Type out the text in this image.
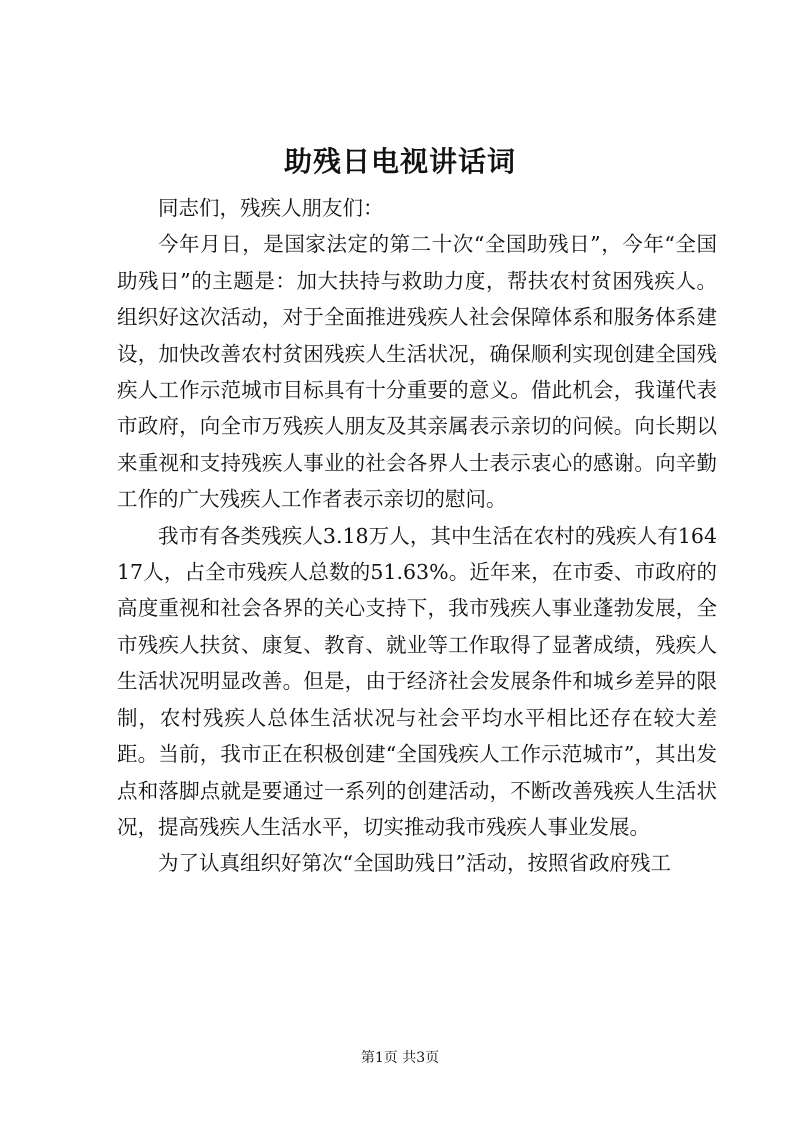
助残日电视讲话词

同志们，残疾人朋友们：

今年月日，是国家法定的第二十次“全国助残日”，今年“全国助残日”的主题是：加大扶持与救助力度，帮扶农村贫困残疾人。组织好这次活动，对于全面推进残疾人社会保障体系和服务体系建设，加快改善农村贫困残疾人生活状况，确保顺利实现创建全国残疾人工作示范城市目标具有十分重要的意义。借此机会，我谨代表市政府，向全市万残疾人朋友及其亲属表示亲切的问候。向长期以来重视和支持残疾人事业的社会各界人士表示衷心的感谢。向辛勤工作的广大残疾人工作者表示亲切的慰问。

我市有各类残疾人3.18万人，其中生活在农村的残疾人有16417人，占全市残疾人总数的51.63%。近年来，在市委、市政府的高度重视和社会各界的关心支持下，我市残疾人事业蓬勃发展，全市残疾人扶贫、康复、教育、就业等工作取得了显著成绩，残疾人生活状况明显改善。但是，由于经济社会发展条件和城乡差异的限制，农村残疾人总体生活状况与社会平均水平相比还存在较大差距。当前，我市正在积极创建“全国残疾人工作示范城市”，其出发点和落脚点就是要通过一系列的创建活动，不断改善残疾人生活状况，提高残疾人生活水平，切实推动我市残疾人事业发展。

为了认真组织好第次“全国助残日”活动，按照省政府残工

第1页 共3页
